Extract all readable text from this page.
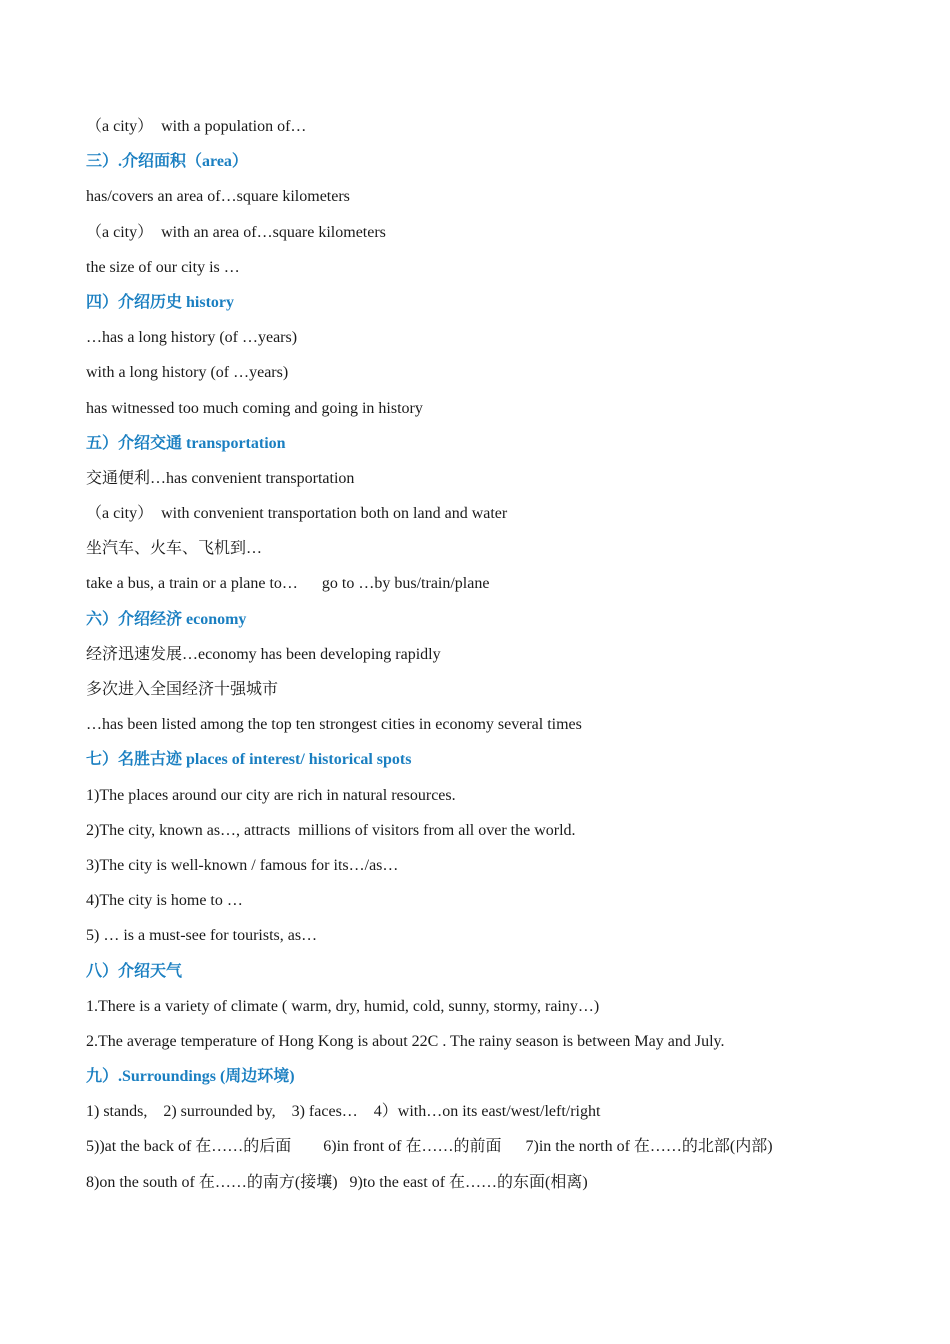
（a city）  with a population of…
三）.介绍面积（area）
has/covers an area of…square kilometers
（a city）  with an area of…square kilometers
the size of our city is …
四）介绍历史 history
…has a long history (of …years)
with a long history (of …years)
has witnessed too much coming and going in history
五）介绍交通 transportation
交通便利…has convenient transportation
（a city）  with convenient transportation both on land and water
坐汽车、火车、飞机到…
take a bus, a train or a plane to…      go to …by bus/train/plane
六）介绍经济 economy
经济迅速发展…economy has been developing rapidly
多次进入全国经济十强城市
…has been listed among the top ten strongest cities in economy several times
七）名胜古迹 places of interest/ historical spots
1)The places around our city are rich in natural resources.
2)The city, known as…, attracts  millions of visitors from all over the world.
3)The city is well-known / famous for its…/as…
4)The city is home to …
5) … is a must-see for tourists, as…
八）介绍天气
1.There is a variety of climate ( warm, dry, humid, cold, sunny, stormy, rainy…)
2.The average temperature of Hong Kong is about 22C . The rainy season is between May and July.
九）.Surroundings (周边环境)
1) stands,    2) surrounded by,    3) faces…    4）with…on its east/west/left/right
5))at the back of 在……的后面        6)in front of 在……的前面      7)in the north of 在……的北部(内部)
8)on the south of 在……的南方(接壤)   9)to the east of 在……的东面(相离)
